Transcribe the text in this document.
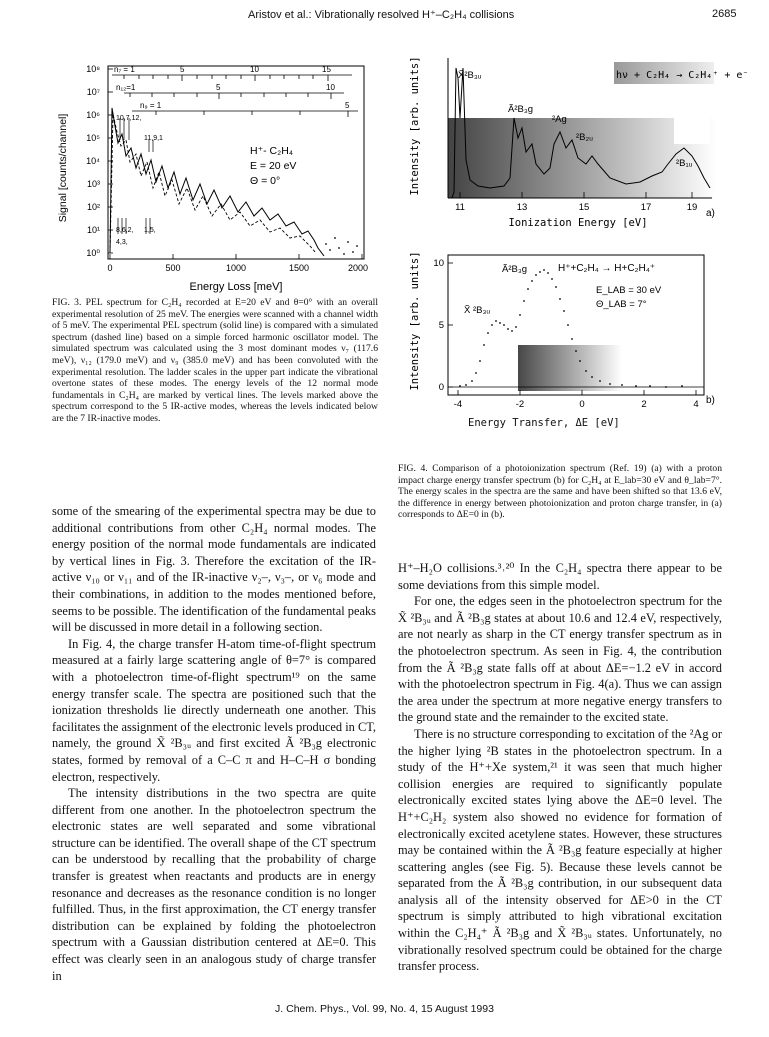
Aristov et al.: Vibrationally resolved H⁺–C₂H₄ collisions	2685
Signal [counts/channel]
10⁸
10⁷
10⁶
10⁵
10⁴
10³
10²
10¹
10⁰
n₇ = 1	5	10	15
n₁₂=1	5	10
n₉ = 1	5
10,7,12,
11,9,1
8,6,2, 1,5,
4,3,
H⁺- C₂H₄
E = 20 eV
Θ = 0°
0	500	1000	1500	2000
Energy Loss [meV]
FIG. 3. PEL spectrum for C₂H₄ recorded at E=20 eV and θ=0° with an overall experimental resolution of 25 meV. The energies were scanned with a channel width of 5 meV. The experimental PEL spectrum (solid line) is compared with a simulated spectrum (dashed line) based on a simple forced harmonic oscillator model. The simulated spectrum was calculated using the 3 most dominant modes ν₇ (117.6 meV), ν₁₂ (179.0 meV) and ν₉ (385.0 meV) and has been convoluted with the experimental resolution. The ladder scales in the upper part indicate the vibrational overtone states of these modes. The energy levels of the 12 normal mode fundamentals in C₂H₄ are marked by vertical lines. The levels marked above the spectrum correspond to the 5 IR-active modes, whereas the levels indicated below are the 7 IR-inactive modes.
Intensity [arb. units]	X̃²B₃ᵤ
Ã²B₃g
²Ag
²B₂ᵤ
²B₁ᵤ
hν + C₂H₄ → C₂H₄⁺ + e⁻
11	13	15	17	19
Ionization Energy [eV]
a)
Intensity [arb. units] 10
5
0
Ã²B₃g
X̃ ²B₃ᵤ
H⁺+C₂H₄ → H+C₂H₄⁺
E_LAB = 30 eV
Θ_LAB = 7°
-4	-2	0	2	4 b)
Energy Transfer, ΔE [eV]
FIG. 4. Comparison of a photoionization spectrum (Ref. 19) (a) with a proton impact charge energy transfer spectrum (b) for C₂H₄ at E_lab=30 eV and θ_lab=7°. The energy scales in the spectra are the same and have been shifted so that 13.6 eV, the difference in energy between photoionization and proton charge transfer, in (a) corresponds to ΔE=0 in (b).

some of the smearing of the experimental spectra may be due to additional contributions from other C₂H₄ normal modes. The energy position of the normal mode fundamentals are indicated by vertical lines in Fig. 3. Therefore the excitation of the IR-active ν₁₀ or ν₁₁ and of the IR-inactive ν₂–, ν₃–, or ν₆ mode and their combinations, in addition to the modes mentioned before, seems to be possible. The identification of the fundamental peaks will be discussed in more detail in a following section.

In Fig. 4, the charge transfer H-atom time-of-flight spectrum measured at a fairly large scattering angle of θ=7° is compared with a photoelectron time-of-flight spectrum¹⁹ on the same energy transfer scale. The spectra are positioned such that the ionization thresholds lie directly underneath one another. This facilitates the assignment of the electronic levels produced in CT, namely, the ground X̃ ²B₃ᵤ and first excited Ã ²B₃g electronic states, formed by removal of a C–C π and H–C–H σ bonding electron, respectively.

The intensity distributions in the two spectra are quite different from one another. In the photoelectron spectrum the electronic states are well separated and some vibrational structure can be identified. The overall shape of the CT spectrum can be understood by recalling that the probability of charge transfer is greatest when reactants and products are in energy resonance and decreases as the resonance condition is no longer fulfilled. Thus, in the first approximation, the CT energy transfer distribution can be explained by folding the photoelectron spectrum with a Gaussian distribution centered at ΔE=0. This effect was clearly seen in an analogous study of charge transfer in

H⁺–H₂O collisions.³˒²⁰ In the C₂H₄ spectra there appear to be some deviations from this simple model.

For one, the edges seen in the photoelectron spectrum for the X̃ ²B₃ᵤ and Ã ²B₃g states at about 10.6 and 12.4 eV, respectively, are not nearly as sharp in the CT energy transfer spectrum as in the photoelectron spectrum. As seen in Fig. 4, the contribution from the Ã ²B₃g state falls off at about ΔE=−1.2 eV in accord with the photoelectron spectrum in Fig. 4(a). Thus we can assign the area under the spectrum at more negative energy transfers to the ground state and the remainder to the excited state.

There is no structure corresponding to excitation of the ²Ag or the higher lying ²B states in the photoelectron spectrum. In a study of the H⁺+Xe system,²¹ it was seen that much higher collision energies are required to significantly populate electronically excited states lying above the ΔE=0 level. The H⁺+C₂H₂ system also showed no evidence for formation of electronically excited acetylene states. However, these structures may be contained within the Ã ²B₃g feature especially at higher scattering angles (see Fig. 5). Because these levels cannot be separated from the Ã ²B₃g contribution, in our subsequent data analysis all of the intensity observed for ΔE>0 in the CT spectrum is simply attributed to high vibrational excitation within the C₂H₄⁺ Ã ²B₃g and X̃ ²B₃ᵤ states. Unfortunately, no vibrationally resolved spectrum could be obtained for the charge transfer process.

J. Chem. Phys., Vol. 99, No. 4, 15 August 1993
